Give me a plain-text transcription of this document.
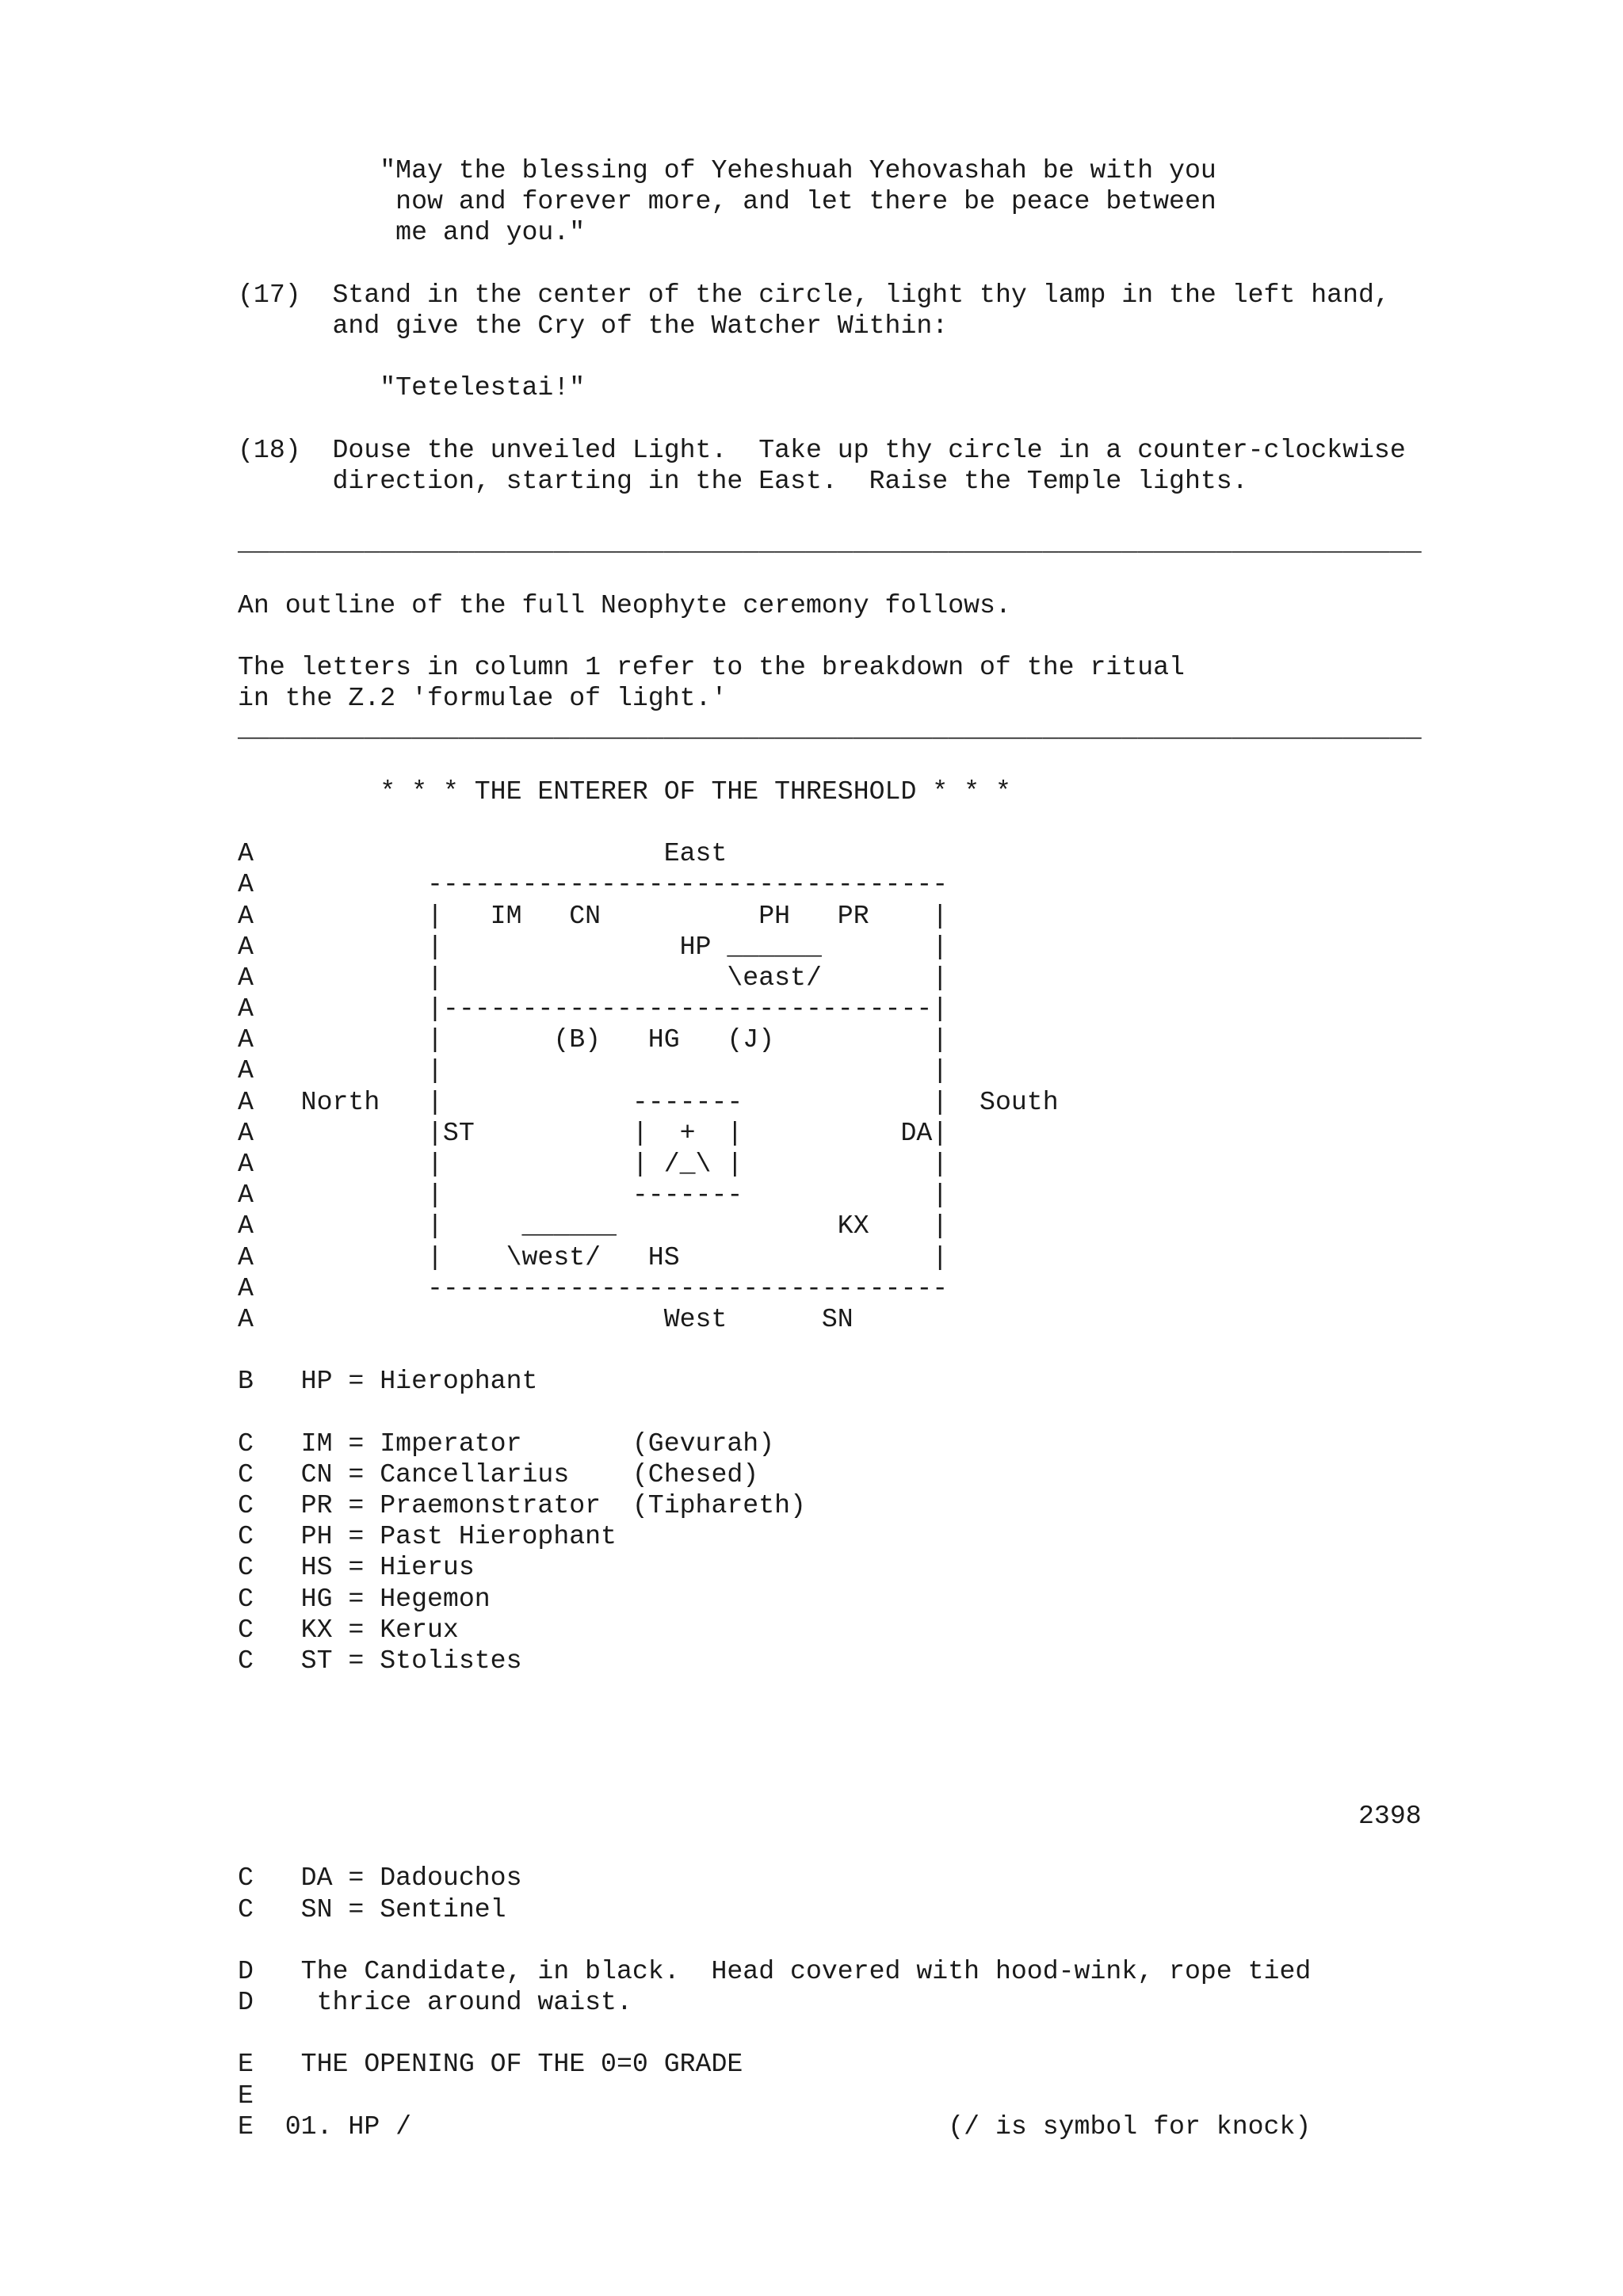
"May the blessing of Yeheshuah Yehovashah be with you
now and forever more, and let there be peace between
me and you."
(17)  Stand in the center of the circle, light thy lamp in the left hand,
and give the Cry of the Watcher Within:
"Tetelestai!"
(18)  Douse the unveiled Light.  Take up thy circle in a counter-clockwise
direction, starting in the East.  Raise the Temple lights.
___________________________________________________________________________
An outline of the full Neophyte ceremony follows.
The letters in column 1 refer to the breakdown of the ritual
in the Z.2 'formulae of light.'
___________________________________________________________________________
* * * THE ENTERER OF THE THRESHOLD * * *
A                          East
A           ---------------------------------
A           |   IM   CN          PH   PR    |
A           |               HP ______       |
A           |                  \east/       |
A           |-------------------------------|
A           |       (B)   HG   (J)          |
A           |                               |
A   North   |            -------            |  South
A           |ST          |  +  |          DA|
A           |            | /_\ |            |
A           |            -------            |
A           |     ______              KX    |
A           |    \west/   HS                |
A           ---------------------------------
A                          West      SN
B   HP = Hierophant
C   IM = Imperator       (Gevurah)
C   CN = Cancellarius    (Chesed)
C   PR = Praemonstrator  (Tiphareth)
C   PH = Past Hierophant
C   HS = Hierus
C   HG = Hegemon
C   KX = Kerux
C   ST = Stolistes
2398
C   DA = Dadouchos
C   SN = Sentinel
D   The Candidate, in black.  Head covered with hood-wink, rope tied
D    thrice around waist.
E   THE OPENING OF THE 0=0 GRADE
E
E  01. HP /                                  (/ is symbol for knock)
